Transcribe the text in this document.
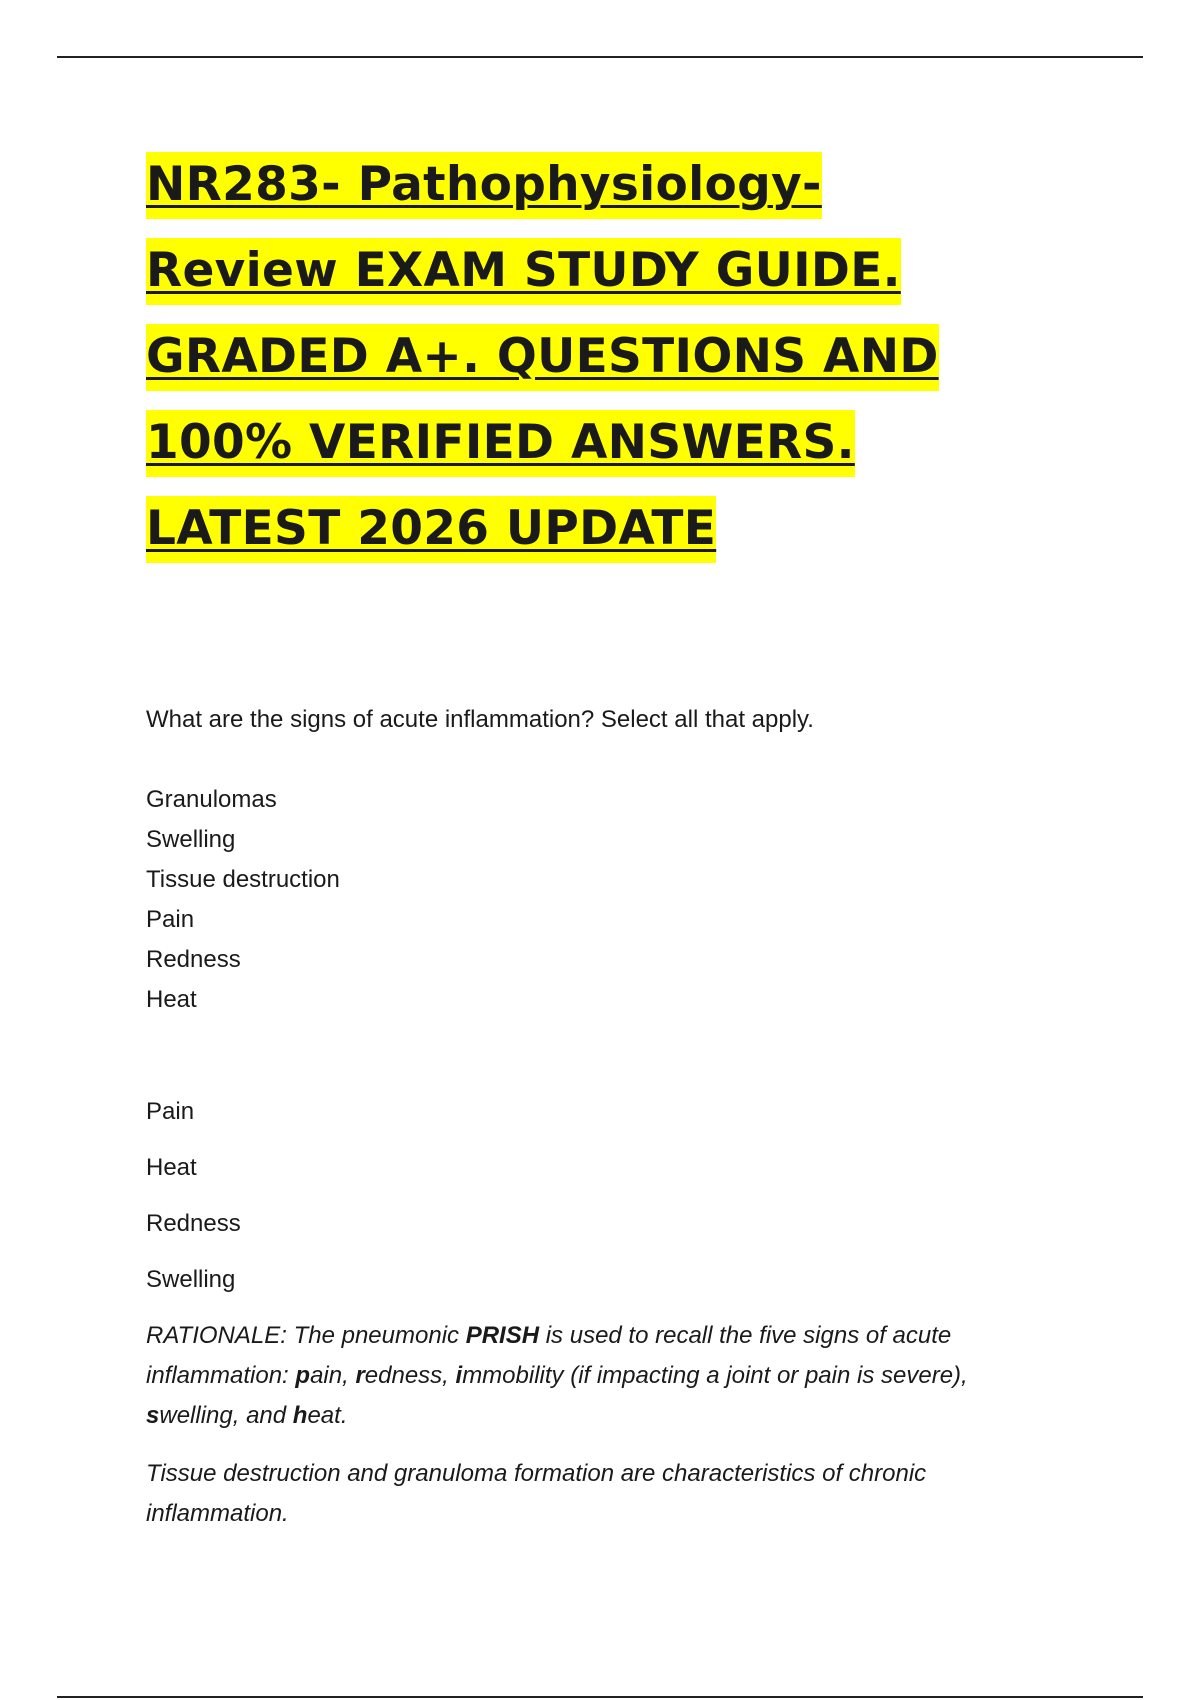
NR283- Pathophysiology-
Review EXAM STUDY GUIDE.
GRADED A+. QUESTIONS AND
100% VERIFIED ANSWERS.
LATEST 2026 UPDATE
What are the signs of acute inflammation? Select all that apply.
Granulomas
Swelling
Tissue destruction
Pain
Redness
Heat
Pain
Heat
Redness
Swelling

RATIONALE: The pneumonic PRISH is used to recall the five signs of acute inflammation: pain, redness, immobility (if impacting a joint or pain is severe), swelling, and heat.

Tissue destruction and granuloma formation are characteristics of chronic inflammation.
